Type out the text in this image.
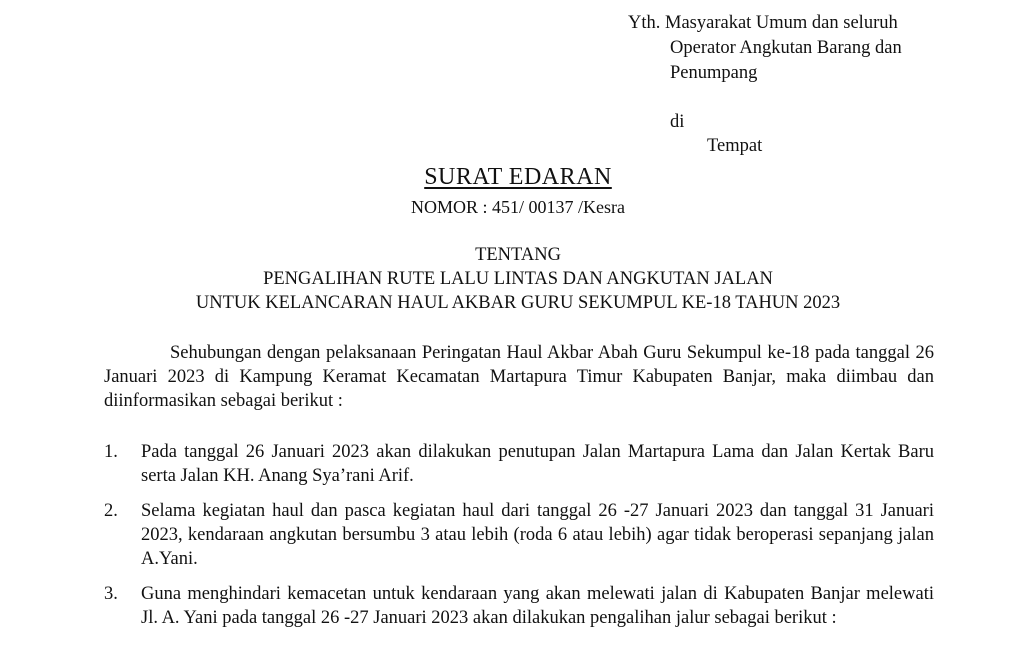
Yth. Masyarakat Umum dan seluruh
Operator Angkutan Barang dan
Penumpang
di
Tempat
SURAT EDARAN
NOMOR : 451/ 00137 /Kesra
TENTANG
PENGALIHAN RUTE LALU LINTAS DAN ANGKUTAN JALAN
UNTUK KELANCARAN HAUL AKBAR GURU SEKUMPUL KE-18 TAHUN 2023
Sehubungan dengan pelaksanaan Peringatan Haul Akbar Abah Guru Sekumpul ke-18 pada tanggal 26 Januari 2023 di Kampung Keramat Kecamatan Martapura Timur Kabupaten Banjar, maka diimbau dan diinformasikan sebagai berikut :
1. Pada tanggal 26 Januari 2023 akan dilakukan penutupan Jalan Martapura Lama dan Jalan Kertak Baru serta Jalan KH. Anang Sya’rani Arif.
2. Selama kegiatan haul dan pasca kegiatan haul dari tanggal 26 -27 Januari 2023 dan tanggal 31 Januari 2023, kendaraan angkutan bersumbu 3 atau lebih (roda 6 atau lebih) agar tidak beroperasi sepanjang jalan A.Yani.
3. Guna menghindari kemacetan untuk kendaraan yang akan melewati jalan di Kabupaten Banjar melewati Jl. A. Yani pada tanggal 26 -27 Januari 2023 akan dilakukan pengalihan jalur sebagai berikut :
